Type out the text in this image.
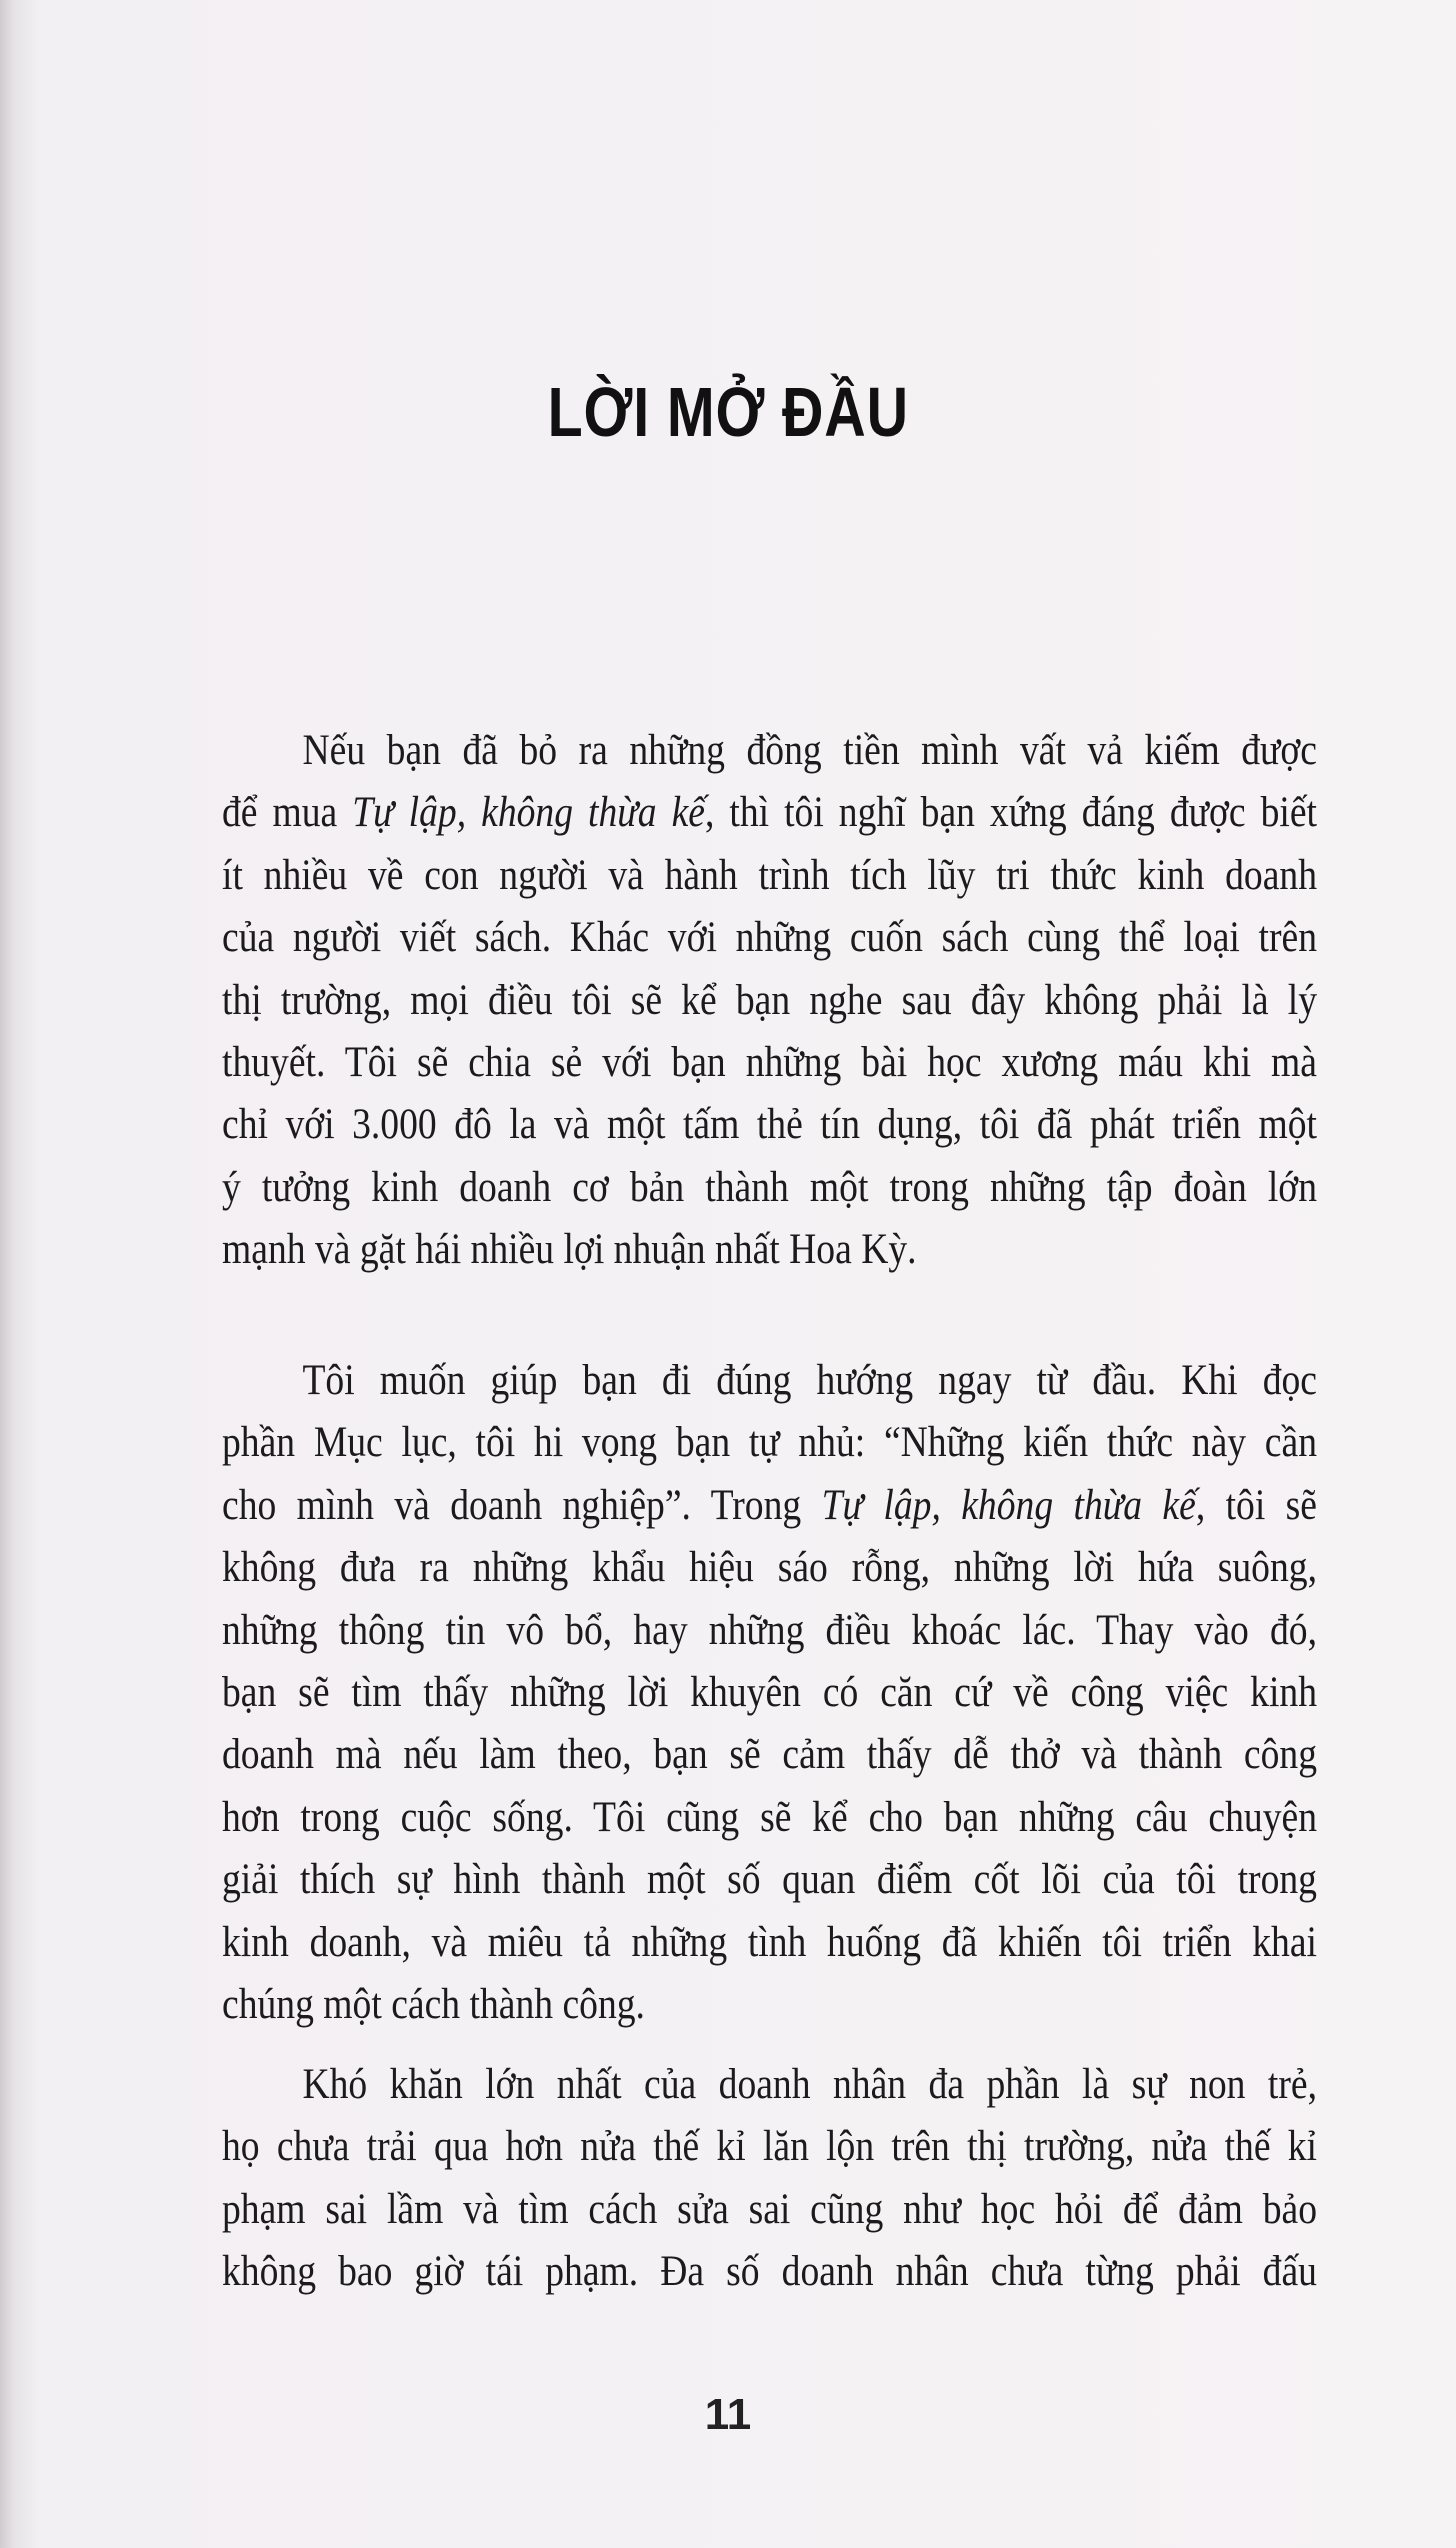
LỜI MỞ ĐẦU
Nếu bạn đã bỏ ra những đồng tiền mình vất vả kiếm được
để mua Tự lập, không thừa kế, thì tôi nghĩ bạn xứng đáng được biết
ít nhiều về con người và hành trình tích lũy tri thức kinh doanh
của người viết sách. Khác với những cuốn sách cùng thể loại trên
thị trường, mọi điều tôi sẽ kể bạn nghe sau đây không phải là lý
thuyết. Tôi sẽ chia sẻ với bạn những bài học xương máu khi mà
chỉ với 3.000 đô la và một tấm thẻ tín dụng, tôi đã phát triển một
ý tưởng kinh doanh cơ bản thành một trong những tập đoàn lớn
mạnh và gặt hái nhiều lợi nhuận nhất Hoa Kỳ.
Tôi muốn giúp bạn đi đúng hướng ngay từ đầu. Khi đọc
phần Mục lục, tôi hi vọng bạn tự nhủ: “Những kiến thức này cần
cho mình và doanh nghiệp”. Trong Tự lập, không thừa kế, tôi sẽ
không đưa ra những khẩu hiệu sáo rỗng, những lời hứa suông,
những thông tin vô bổ, hay những điều khoác lác. Thay vào đó,
bạn sẽ tìm thấy những lời khuyên có căn cứ về công việc kinh
doanh mà nếu làm theo, bạn sẽ cảm thấy dễ thở và thành công
hơn trong cuộc sống. Tôi cũng sẽ kể cho bạn những câu chuyện
giải thích sự hình thành một số quan điểm cốt lõi của tôi trong
kinh doanh, và miêu tả những tình huống đã khiến tôi triển khai
chúng một cách thành công.
Khó khăn lớn nhất của doanh nhân đa phần là sự non trẻ,
họ chưa trải qua hơn nửa thế kỉ lăn lộn trên thị trường, nửa thế kỉ
phạm sai lầm và tìm cách sửa sai cũng như học hỏi để đảm bảo
không bao giờ tái phạm. Đa số doanh nhân chưa từng phải đấu
11
